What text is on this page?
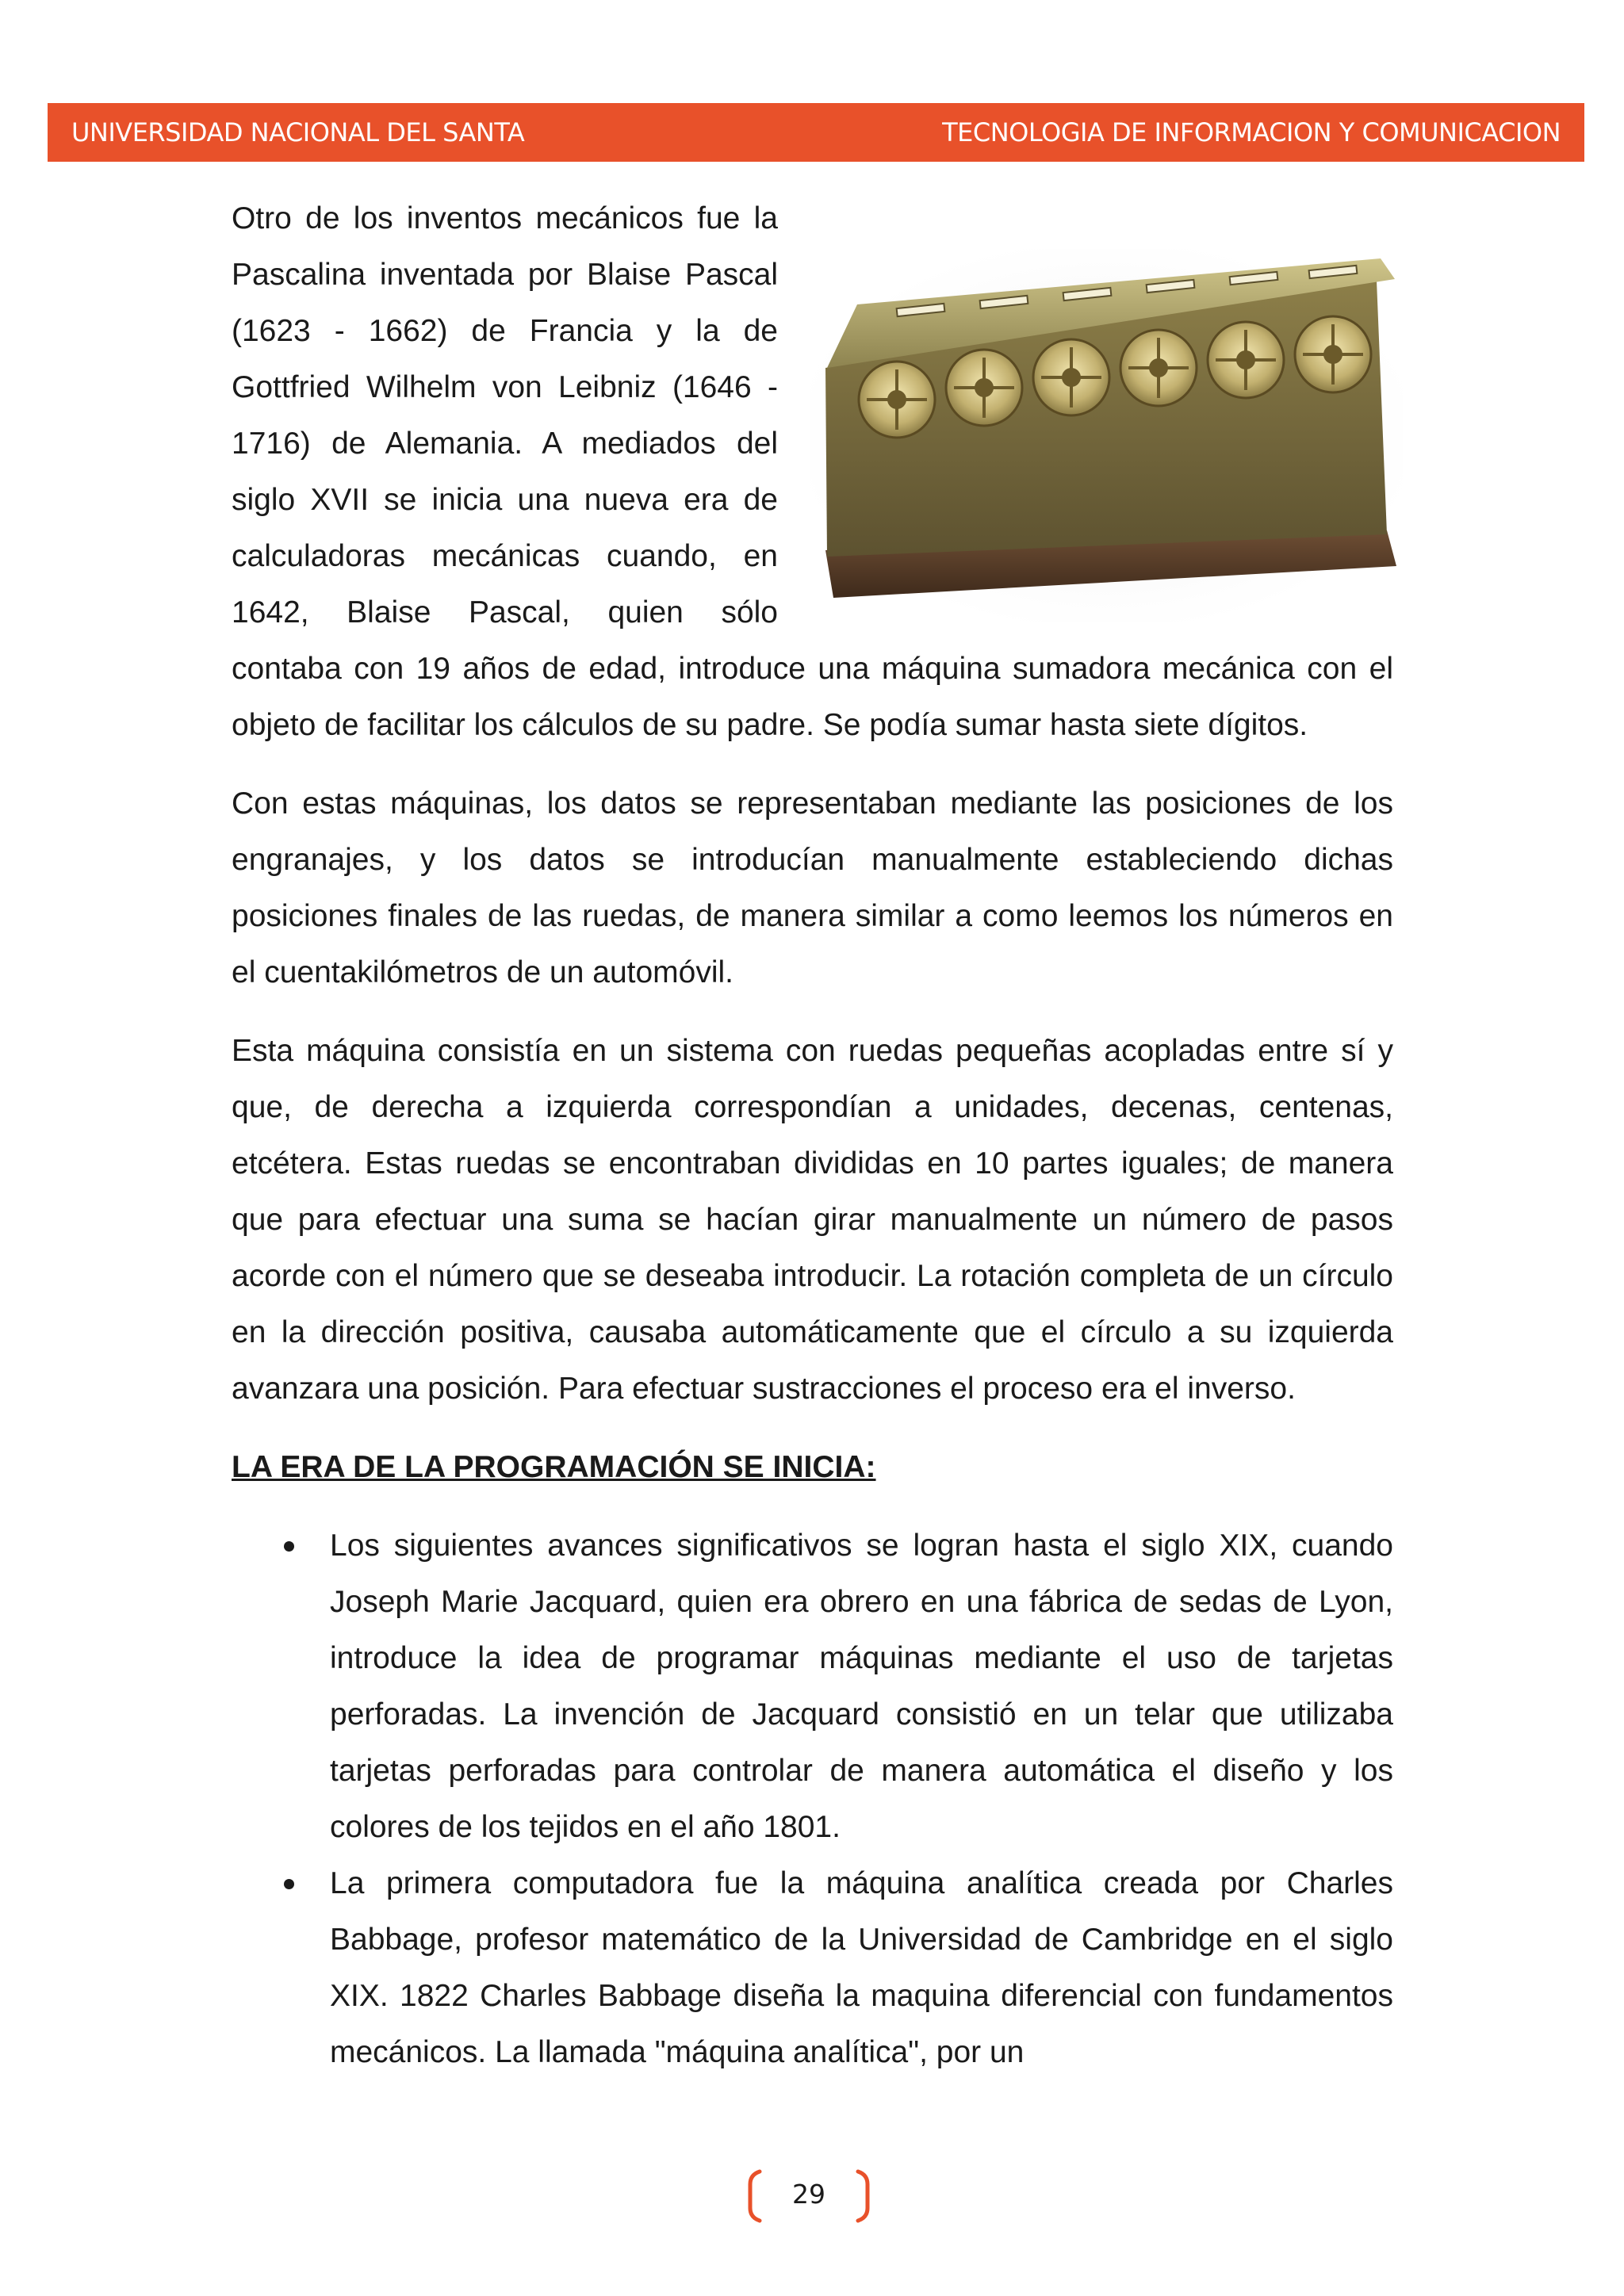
UNIVERSIDAD NACIONAL DEL SANTA	TECNOLOGIA DE INFORMACION Y COMUNICACION

Otro de los inventos mecánicos fue la Pascalina inventada por Blaise Pascal (1623 - 1662) de Francia y la de Gottfried Wilhelm von Leibniz (1646 - 1716) de Alemania. A mediados del siglo XVII se inicia una nueva era de calculadoras mecánicas cuando, en 1642, Blaise Pascal, quien sólo contaba con 19 años de edad, introduce una máquina sumadora mecánica con el objeto de facilitar los cálculos de su padre. Se podía sumar hasta siete dígitos.

Con estas máquinas, los datos se representaban mediante las posiciones de los engranajes, y los datos se introducían manualmente estableciendo dichas posiciones finales de las ruedas, de manera similar a como leemos los números en el cuentakilómetros de un automóvil.

Esta máquina consistía en un sistema con ruedas pequeñas acopladas entre sí y que, de derecha a izquierda correspondían a unidades, decenas, centenas, etcétera. Estas ruedas se encontraban divididas en 10 partes iguales; de manera que para efectuar una suma se hacían girar manualmente un número de pasos acorde con el número que se deseaba introducir. La rotación completa de un círculo en la dirección positiva, causaba automáticamente que el círculo a su izquierda avanzara una posición. Para efectuar sustracciones el proceso era el inverso.

LA ERA DE LA PROGRAMACIÓN SE INICIA:
Los siguientes avances significativos se logran hasta el siglo XIX, cuando Joseph Marie Jacquard, quien era obrero en una fábrica de sedas de Lyon, introduce la idea de programar máquinas mediante el uso de tarjetas perforadas. La invención de Jacquard consistió en un telar que utilizaba tarjetas perforadas para controlar de manera automática el diseño y los colores de los tejidos en el año 1801.
La primera computadora fue la máquina analítica creada por Charles Babbage, profesor matemático de la Universidad de Cambridge en el siglo XIX. 1822 Charles Babbage diseña la maquina diferencial con fundamentos mecánicos. La llamada "máquina analítica", por un
29
